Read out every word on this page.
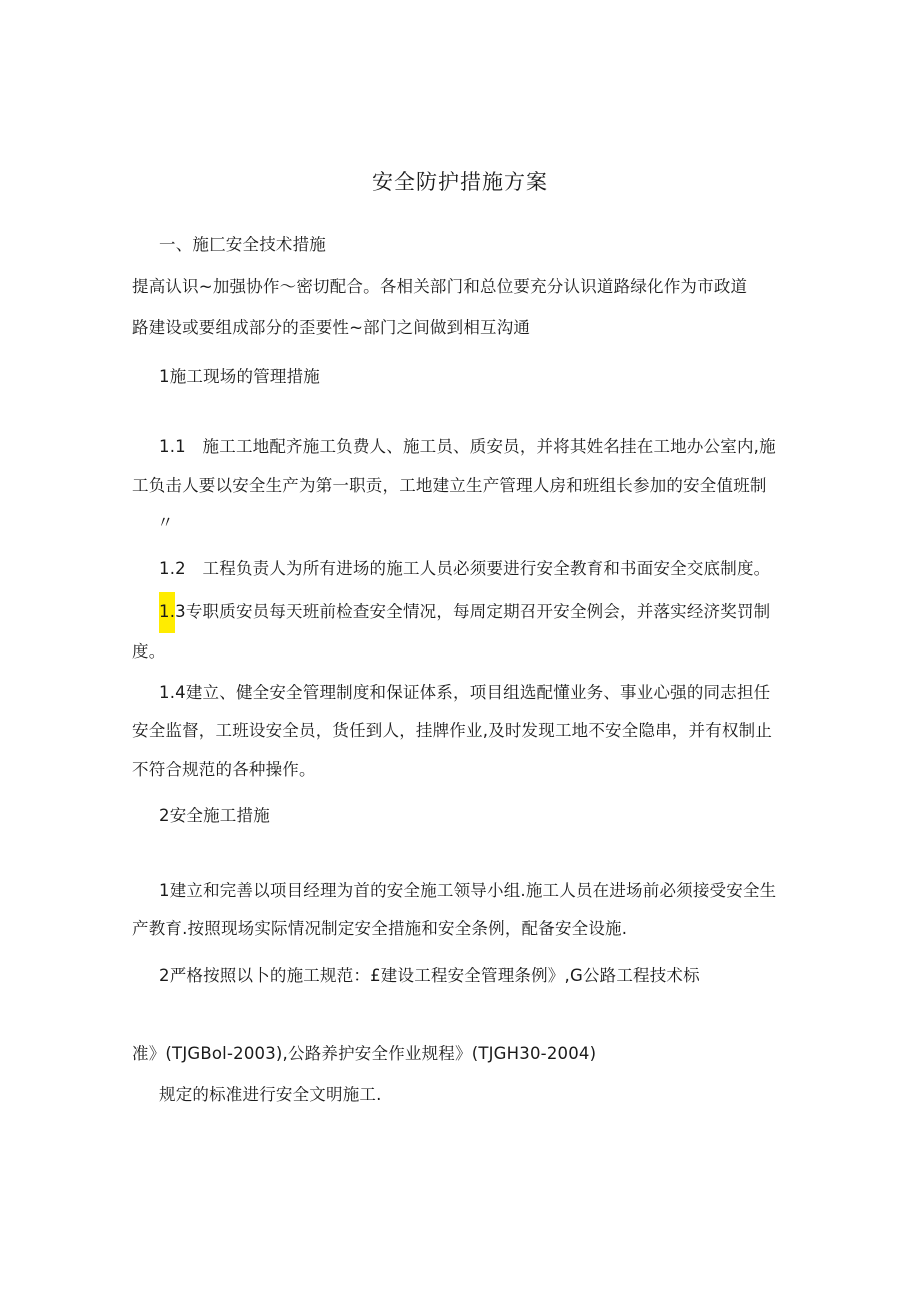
安全防护措施方案
一、施匚安全技术措施
提高认识~加强协作〜密切配合。各相关部门和总位要充分认识道路绿化作为市政道
路建设或要组成部分的歪要性~部门之间做到相互沟通
1施工现场的管理措施
1.1　施工工地配齐施工负费人、施工员、质安员，并将其姓名挂在工地办公室内,施
工负击人要以安全生产为第一职贡，工地建立生产管理人房和班组长参加的安全值班制
〃
1.2　工程负责人为所有进场的施工人员必须要进行安全教育和书面安全交底制度。
1.3专职质安员每天班前检查安全情况，每周定期召开安全例会，并落实经济奖罚制
度。
1.4建立、健全安全管理制度和保证体系，项目组选配懂业务、事业心强的同志担任
安全监督，工班设安全员，货任到人，挂牌作业,及时发现工地不安全隐串，并有权制止
不符合规范的各种操作。
2安全施工措施
1建立和完善以项目经理为首的安全施工领导小组.施工人员在进场前必须接受安全生
产教育.按照现场实际情况制定安全措施和安全条例，配备安全设施.
2严格按照以卜的施工规范：£建设工程安全管理条例》,G公路工程技术标
准》(TJGBol-2003),公路养护安全作业规程》(TJGH30-2004)
规定的标准进行安全文明施工.
